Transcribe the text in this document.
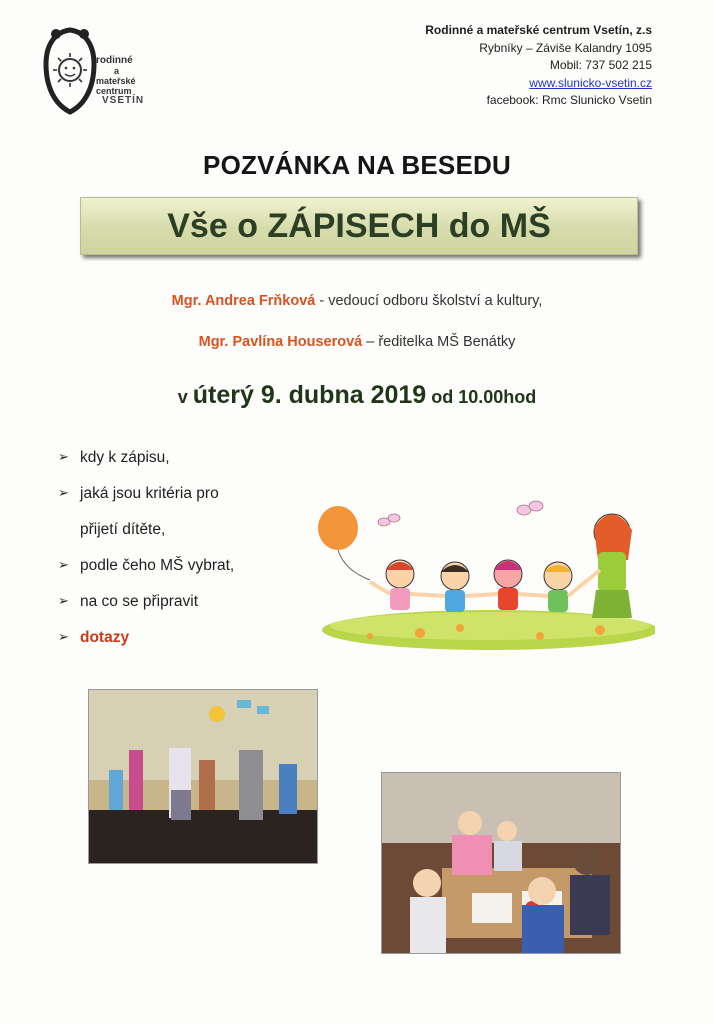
rodinné
a
mateřské
centrum
VSETÍN
Rodinné a mateřské centrum Vsetín, z.s
Rybníky – Záviše Kalandry 1095
Mobil: 737 502 215
www.slunicko-vsetin.cz
facebook: Rmc Slunicko Vsetin
POZVÁNKA NA BESEDU
Vše o ZÁPISECH do MŠ
Mgr. Andrea Frňková - vedoucí odboru školství a kultury,
Mgr. Pavlína Houserová – ředitelka MŠ Benátky
v úterý 9. dubna 2019 od 10.00hod
➢ kdy k zápisu,
➢ jaká jsou kritéria pro
přijetí dítěte,
➢ podle čeho MŠ vybrat,
➢ na co se připravit
➢ dotazy
